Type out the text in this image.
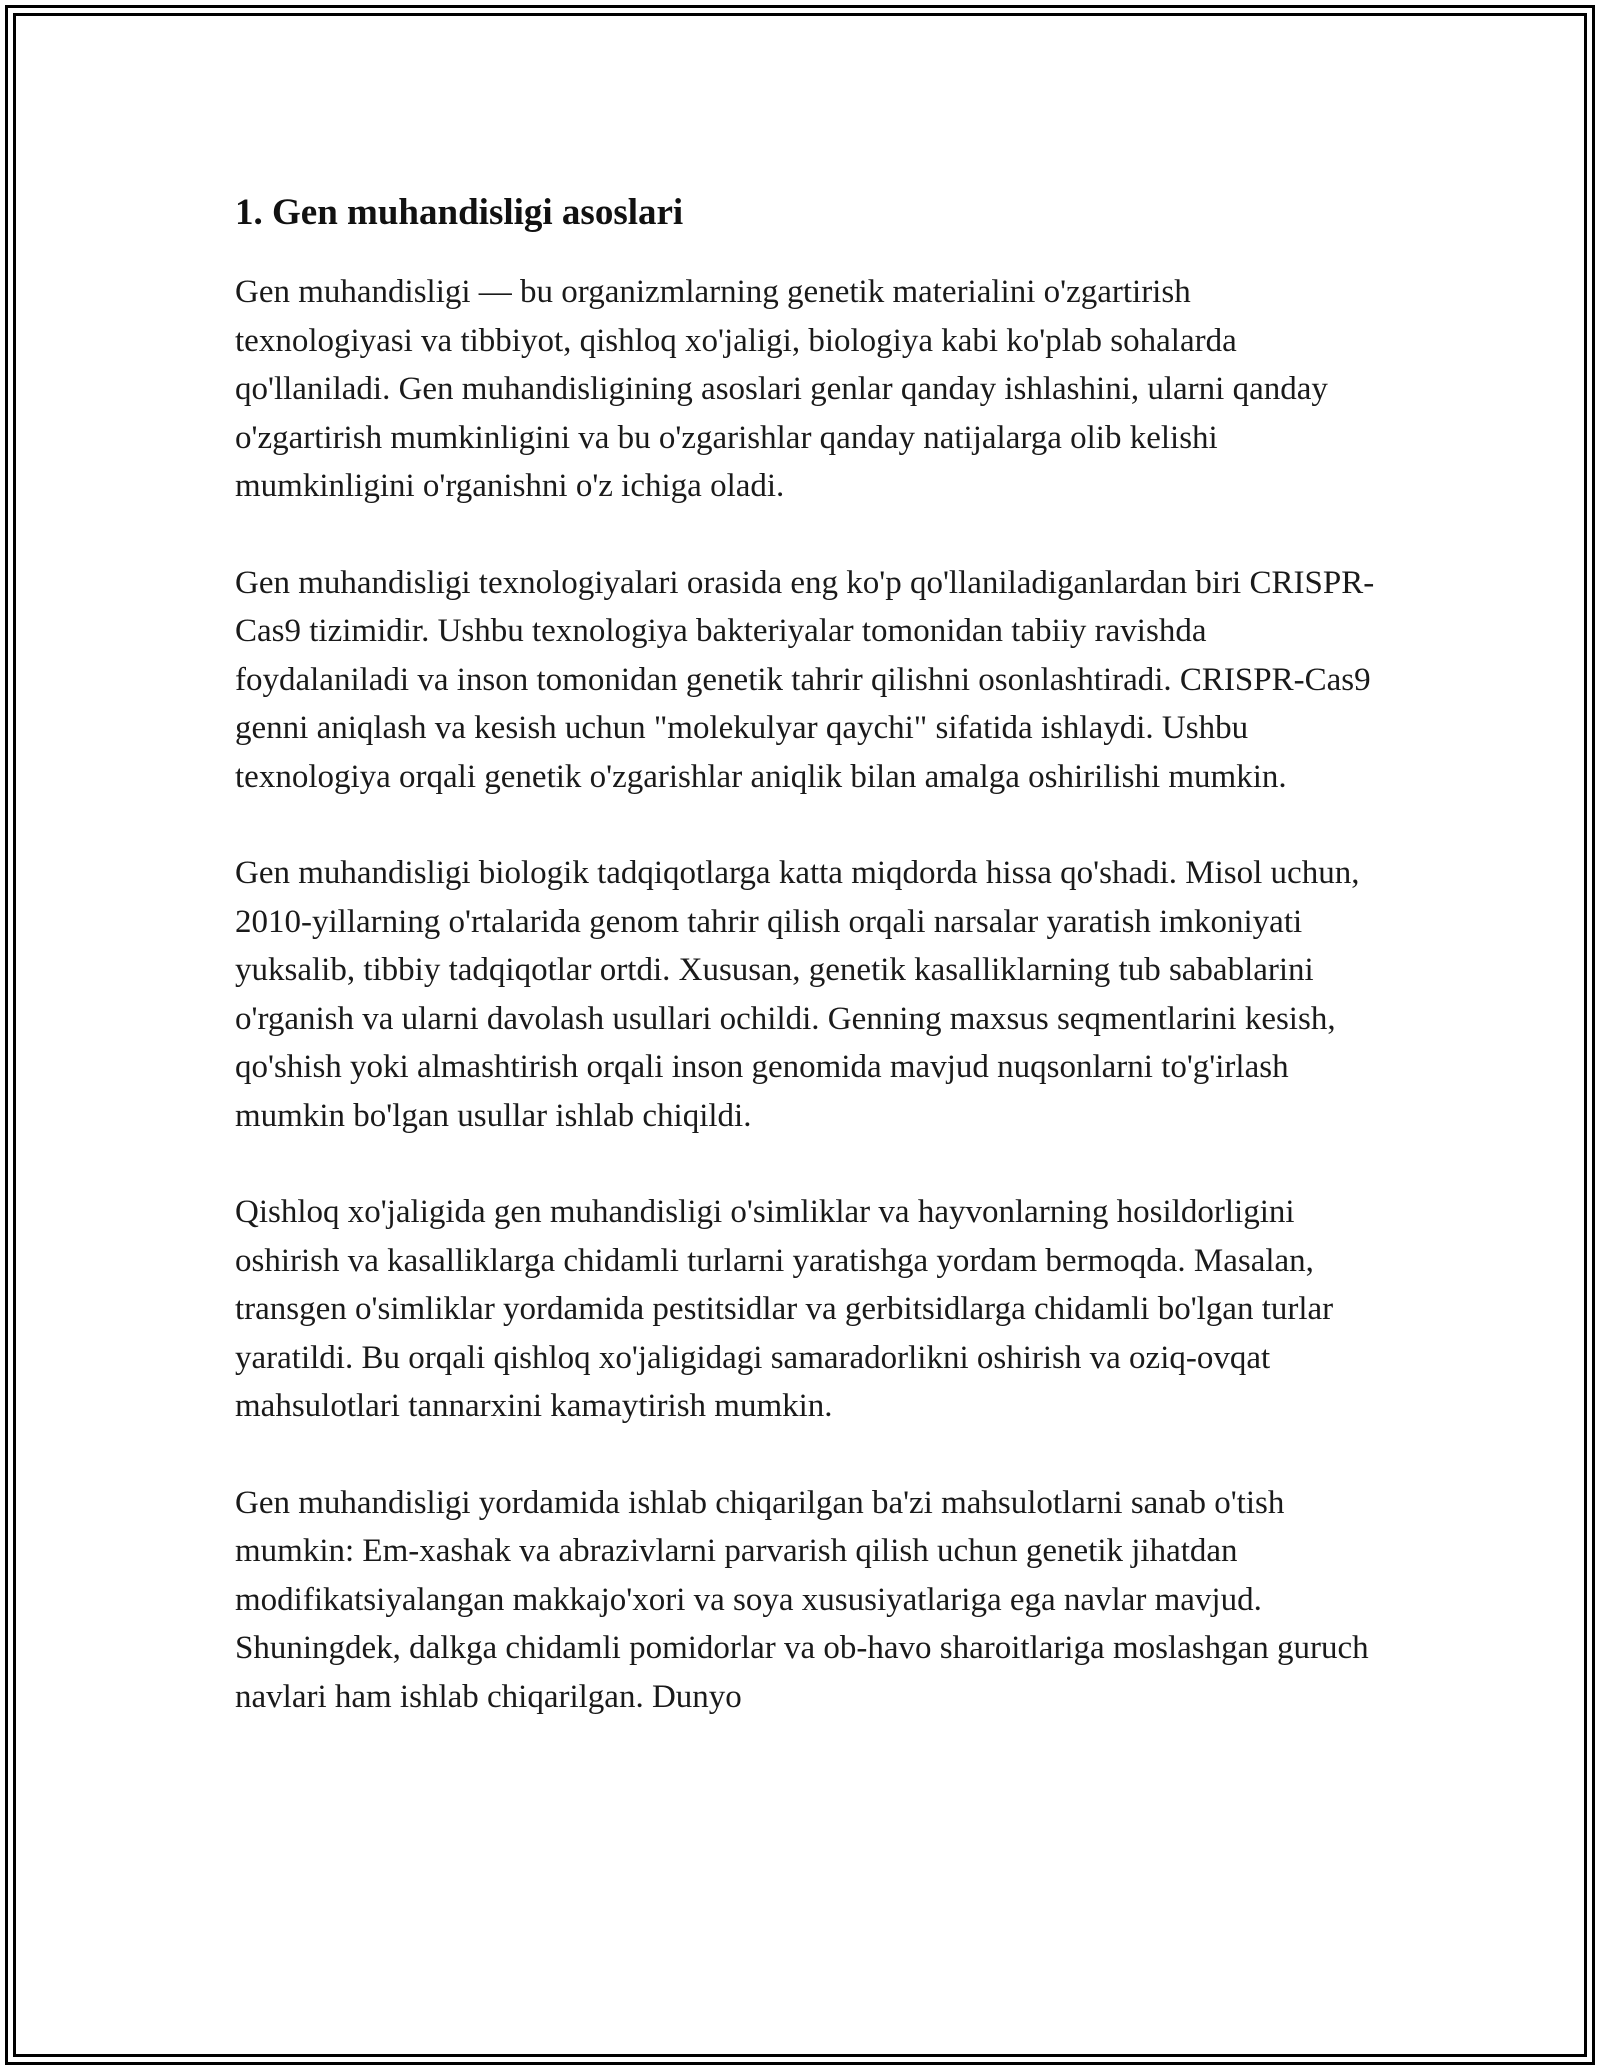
1. Gen muhandisligi asoslari

Gen muhandisligi — bu organizmlarning genetik materialini o'zgartirish texnologiyasi va tibbiyot, qishloq xo'jaligi, biologiya kabi ko'plab sohalarda qo'llaniladi. Gen muhandisligining asoslari genlar qanday ishlashini, ularni qanday o'zgartirish mumkinligini va bu o'zgarishlar qanday natijalarga olib kelishi mumkinligini o'rganishni o'z ichiga oladi.

Gen muhandisligi texnologiyalari orasida eng ko'p qo'llaniladiganlardan biri CRISPR-Cas9 tizimidir. Ushbu texnologiya bakteriyalar tomonidan tabiiy ravishda foydalaniladi va inson tomonidan genetik tahrir qilishni osonlashtiradi. CRISPR-Cas9 genni aniqlash va kesish uchun "molekulyar qaychi" sifatida ishlaydi. Ushbu texnologiya orqali genetik o'zgarishlar aniqlik bilan amalga oshirilishi mumkin.

Gen muhandisligi biologik tadqiqotlarga katta miqdorda hissa qo'shadi. Misol uchun, 2010-yillarning o'rtalarida genom tahrir qilish orqali narsalar yaratish imkoniyati yuksalib, tibbiy tadqiqotlar ortdi. Xususan, genetik kasalliklarning tub sabablarini o'rganish va ularni davolash usullari ochildi. Genning maxsus seqmentlarini kesish, qo'shish yoki almashtirish orqali inson genomida mavjud nuqsonlarni to'g'irlash mumkin bo'lgan usullar ishlab chiqildi.

Qishloq xo'jaligida gen muhandisligi o'simliklar va hayvonlarning hosildorligini oshirish va kasalliklarga chidamli turlarni yaratishga yordam bermoqda. Masalan, transgen o'simliklar yordamida pestitsidlar va gerbitsidlarga chidamli bo'lgan turlar yaratildi. Bu orqali qishloq xo'jaligidagi samaradorlikni oshirish va oziq-ovqat mahsulotlari tannarxini kamaytirish mumkin.

Gen muhandisligi yordamida ishlab chiqarilgan ba'zi mahsulotlarni sanab o'tish mumkin: Em-xashak va abrazivlarni parvarish qilish uchun genetik jihatdan modifikatsiyalangan makkajo'xori va soya xususiyatlariga ega navlar mavjud. Shuningdek, dalkga chidamli pomidorlar va ob-havo sharoitlariga moslashgan guruch navlari ham ishlab chiqarilgan. Dunyo
